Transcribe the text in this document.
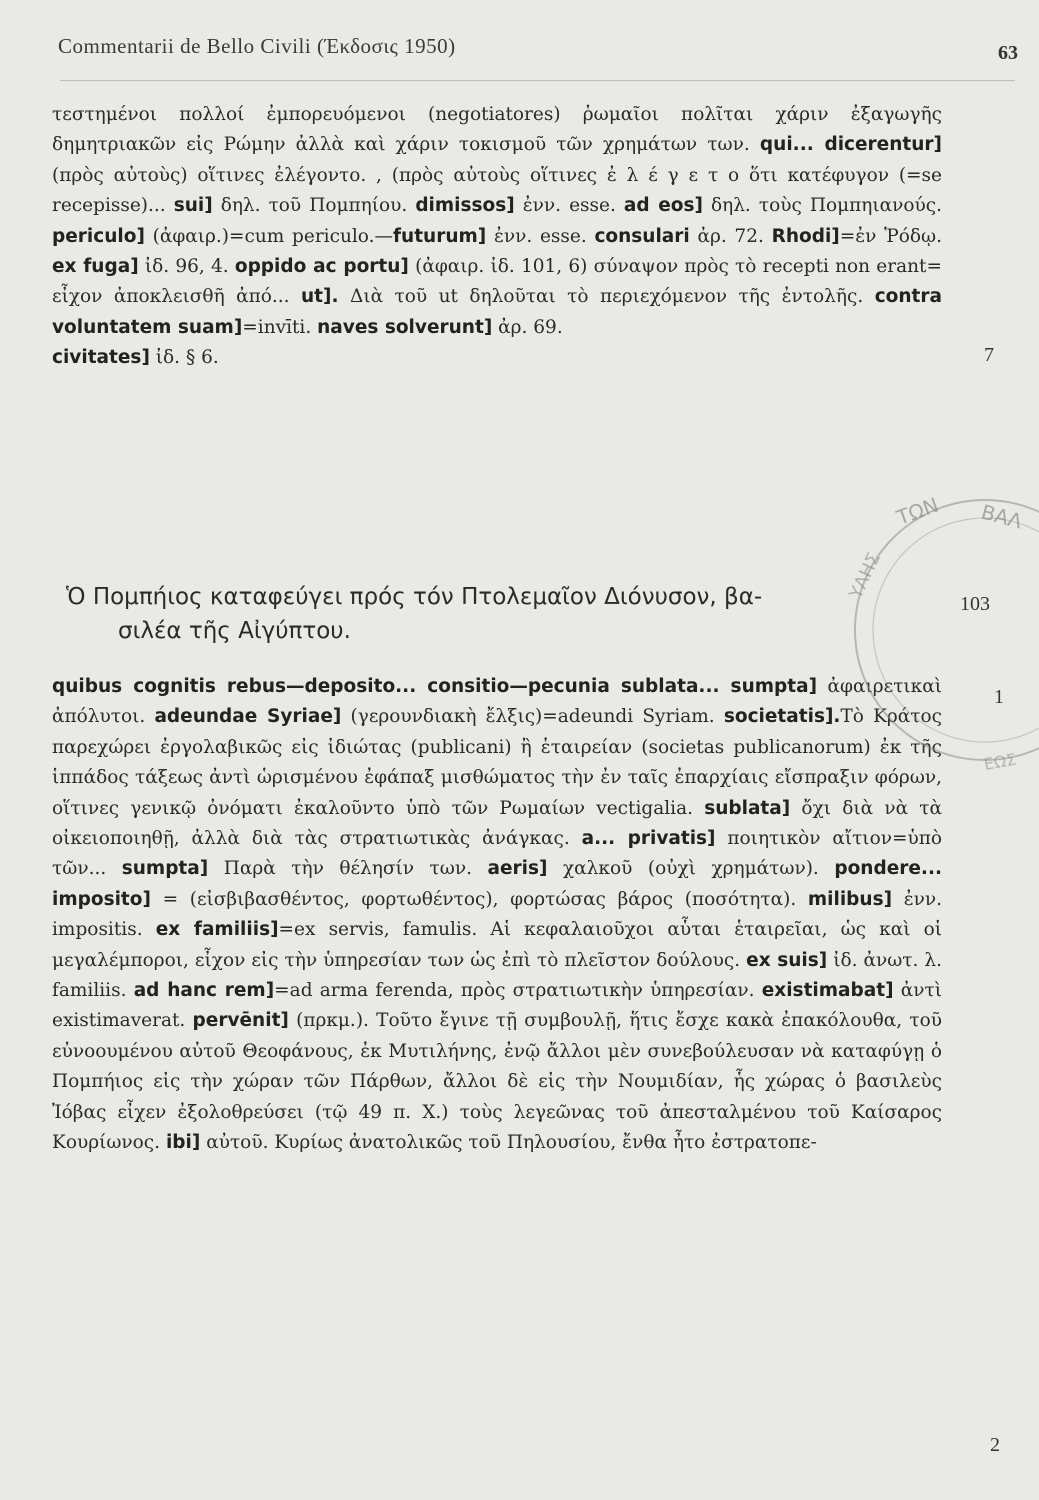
Commentarii de Bello Civili (Έκδοσις 1950)	63

τεστημένοι πολλοί ἐμπορευόμενοι (negotiatores) ῥωμαῖοι πολῖται χάριν ἐξαγωγῆς δημητριακῶν εἰς Ρώμην ἀλλὰ καὶ χάριν τοκισμοῦ τῶν χρημάτων των. qui... dicerentur] (πρὸς αὐτοὺς) οἵτινες ἐλέγοντο. , (πρὸς αὐτοὺς οἵτινες ἐ λ έ γ ε τ ο ὅτι κατέφυγον (=se recepisse)... sui] δηλ. τοῦ Πομπηίου. dimissos] ἐνν. esse. ad eos] δηλ. τοὺς Πομπηιανούς. periculo] (ἀφαιρ.)=cum periculo.—futurum] ἐνν. esse. consulari ἀρ. 72. Rhodi]=ἐν Ῥόδῳ. ex fuga] ἰδ. 96, 4. oppido ac portu] (ἀφαιρ. ἰδ. 101, 6) σύναψον πρὸς τὸ recepti non erant= εἶχον ἀποκλεισθῆ ἀπό... ut]. Διὰ τοῦ ut δηλοῦται τὸ περιεχόμενον τῆς ἐντολῆς. contra voluntatem suam]=invīti. naves solverunt] ἀρ. 69.
civitates] ἰδ. § 6.

Ὁ Πομπήιος καταφεύγει πρός τόν Πτολεμαῖον Διόνυσον, βα-
σιλέα τῆς Αἰγύπτου.

quibus cognitis rebus—deposito... consitio—pecunia sublata... sumpta] ἀφαιρετικαὶ ἀπόλυτοι. adeundae Syriae] (γερουνδιακὴ ἔλξις)=adeundi Syriam. societatis].Τὸ Κράτος παρεχώρει ἐργολαβικῶς εἰς ἰδιώτας (publicani) ἢ ἑταιρείαν (societas publicanorum) ἐκ τῆς ἱππάδος τάξεως ἀντὶ ὡρισμένου ἐφάπαξ μισθώματος τὴν ἐν ταῖς ἐπαρχίαις εἴσπραξιν φόρων, οἵτινες γενικῷ ὀνόματι ἐκαλοῦντο ὑπὸ τῶν Ρωμαίων vectigalia. sublata] ὄχι διὰ νὰ τὰ οἰκειοποιηθῇ, ἀλλὰ διὰ τὰς στρατιωτικὰς ἀνάγκας. a... privatis] ποιητικὸν αἴτιον=ὑπὸ τῶν... sumpta] Παρὰ τὴν θέλησίν των. aeris] χαλκοῦ (οὐχὶ χρημάτων). pondere... imposito] = (εἰσβιβασθέντος, φορτωθέντος), φορτώσας βάρος (ποσότητα). milibus] ἐνν. impositis. ex familiis]=ex servis, famulis. Αἱ κεφαλαιοῦχοι αὗται ἑταιρεῖαι, ὡς καὶ οἱ μεγαλέμποροι, εἶχον εἰς τὴν ὑπηρεσίαν των ὡς ἐπὶ τὸ πλεῖστον δούλους. ex suis] ἰδ. ἀνωτ. λ. familiis. ad hanc rem]=ad arma ferenda, πρὸς στρατιωτικὴν ὑπηρεσίαν. existimabat] ἀντὶ existimaverat. pervēnit] (πρκμ.). Τοῦτο ἔγινε τῇ συμβουλῇ, ἥτις ἔσχε κακὰ ἐπακόλουθα, τοῦ εὐνοουμένου αὐτοῦ Θεοφάνους, ἐκ Μυτιλήνης, ἐνῷ ἄλλοι μὲν συνεβούλευσαν νὰ καταφύγῃ ὁ Πομπήιος εἰς τὴν χώραν τῶν Πάρθων, ἄλλοι δὲ εἰς τὴν Νουμιδίαν, ἧς χώρας ὁ βασιλεὺς Ἰόβας εἶχεν ἐξολοθρεύσει (τῷ 49 π. Χ.) τοὺς λεγεῶνας τοῦ ἀπεσταλμένου τοῦ Καίσαρος Κουρίωνος. ibi] αὐτοῦ. Κυρίως ἀνατολικῶς τοῦ Πηλουσίου, ἔνθα ἦτο ἐστρατοπε-

7
103
1
2
ΤΩΝ ΒΑΛ
ΥΛΗΣ
ΕΩΣ
